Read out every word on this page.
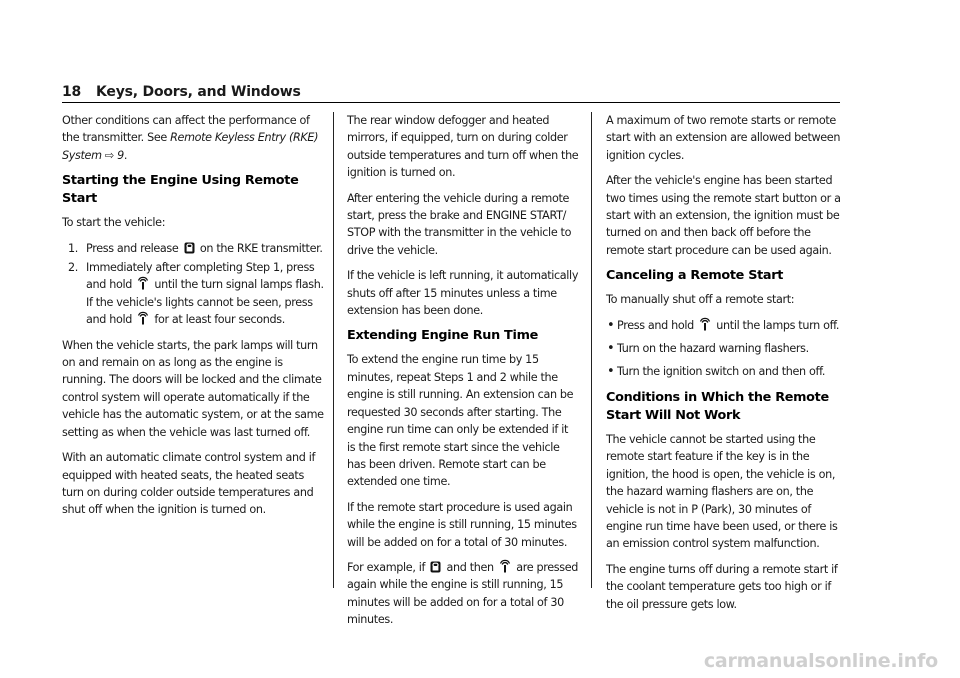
18 Keys, Doors, and Windows

Other conditions can affect the performance of the transmitter. See Remote Keyless Entry (RKE) System ⇨ 9.

Starting the Engine Using Remote Start

To start the vehicle:

1. Press and release on the RKE transmitter.
2. Immediately after completing Step 1, press and hold until the turn signal lamps flash. If the vehicle's lights cannot be seen, press and hold for at least four seconds.

When the vehicle starts, the park lamps will turn on and remain on as long as the engine is running. The doors will be locked and the climate control system will operate automatically if the vehicle has the automatic system, or at the same setting as when the vehicle was last turned off.

With an automatic climate control system and if equipped with heated seats, the heated seats turn on during colder outside temperatures and shut off when the ignition is turned on.

The rear window defogger and heated mirrors, if equipped, turn on during colder outside temperatures and turn off when the ignition is turned on.

After entering the vehicle during a remote start, press the brake and ENGINE START/ STOP with the transmitter in the vehicle to drive the vehicle.

If the vehicle is left running, it automatically shuts off after 15 minutes unless a time extension has been done.

Extending Engine Run Time

To extend the engine run time by 15 minutes, repeat Steps 1 and 2 while the engine is still running. An extension can be requested 30 seconds after starting. The engine run time can only be extended if it is the first remote start since the vehicle has been driven. Remote start can be extended one time.

If the remote start procedure is used again while the engine is still running, 15 minutes will be added on for a total of 30 minutes.

For example, if and then are pressed again while the engine is still running, 15 minutes will be added on for a total of 30 minutes.

A maximum of two remote starts or remote start with an extension are allowed between ignition cycles.

After the vehicle's engine has been started two times using the remote start button or a start with an extension, the ignition must be turned on and then back off before the remote start procedure can be used again.

Canceling a Remote Start

To manually shut off a remote start:

• Press and hold until the lamps turn off.
• Turn on the hazard warning flashers.
• Turn the ignition switch on and then off.
Conditions in Which the Remote Start Will Not Work

The vehicle cannot be started using the remote start feature if the key is in the ignition, the hood is open, the vehicle is on, the hazard warning flashers are on, the vehicle is not in P (Park), 30 minutes of engine run time have been used, or there is an emission control system malfunction.

The engine turns off during a remote start if the coolant temperature gets too high or if the oil pressure gets low.

carmanualsonline.info
